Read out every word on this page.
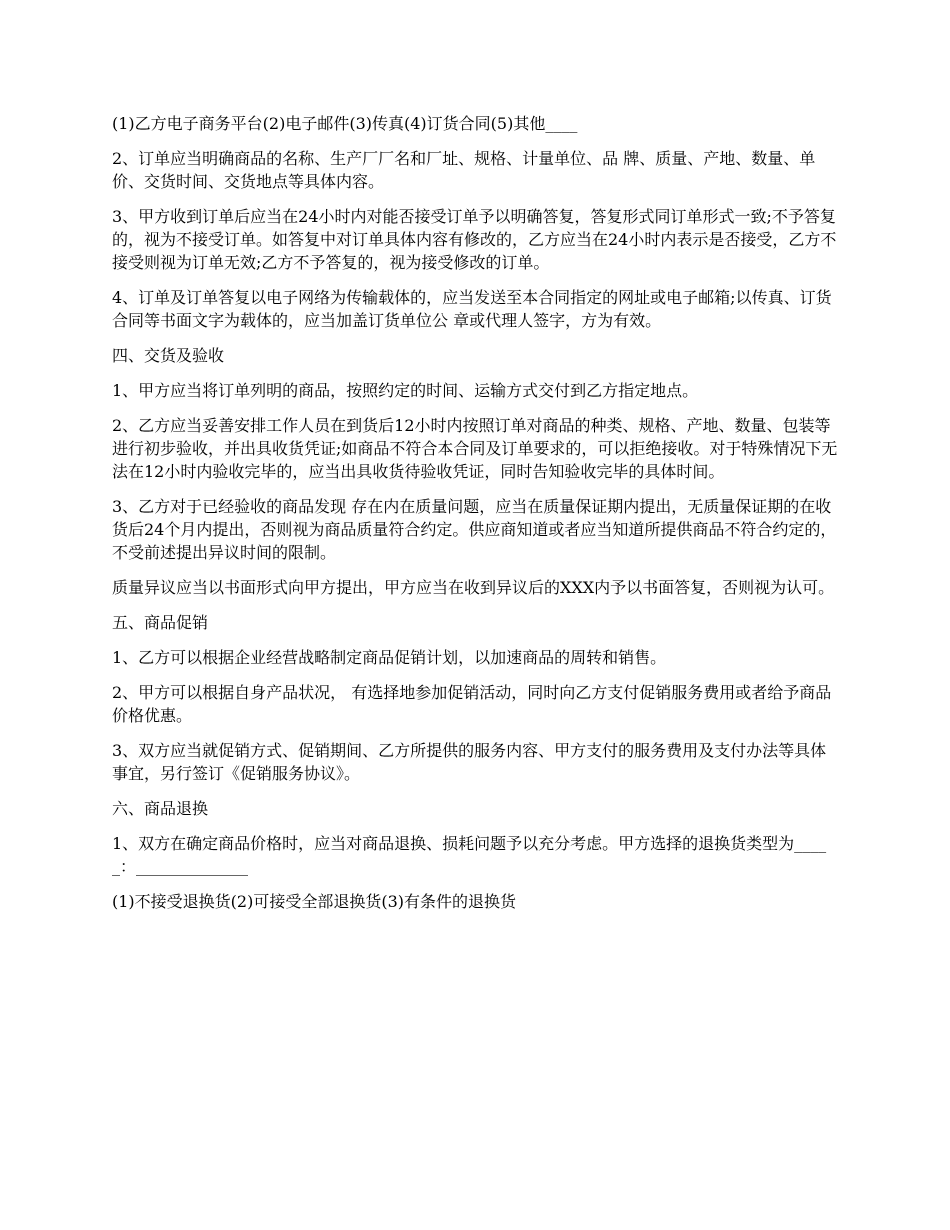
(1)乙方电子商务平台(2)电子邮件(3)传真(4)订货合同(5)其他____

2、订单应当明确商品的名称、生产厂厂名和厂址、规格、计量单位、品 牌、质量、产地、数量、单价、交货时间、交货地点等具体内容。

3、甲方收到订单后应当在24小时内对能否接受订单予以明确答复，答复形式同订单形式一致;不予答复的，视为不接受订单。如答复中对订单具体内容有修改的，乙方应当在24小时内表示是否接受，乙方不接受则视为订单无效;乙方不予答复的，视为接受修改的订单。

4、订单及订单答复以电子网络为传输载体的，应当发送至本合同指定的网址或电子邮箱;以传真、订货合同等书面文字为载体的，应当加盖订货单位公 章或代理人签字，方为有效。

四、交货及验收

1、甲方应当将订单列明的商品，按照约定的时间、运输方式交付到乙方指定地点。

2、乙方应当妥善安排工作人员在到货后12小时内按照订单对商品的种类、规格、产地、数量、包装等进行初步验收，并出具收货凭证;如商品不符合本合同及订单要求的，可以拒绝接收。对于特殊情况下无法在12小时内验收完毕的，应当出具收货待验收凭证，同时告知验收完毕的具体时间。

3、乙方对于已经验收的商品发现 存在内在质量问题，应当在质量保证期内提出，无质量保证期的在收货后24个月内提出，否则视为商品质量符合约定。供应商知道或者应当知道所提供商品不符合约定的，不受前述提出异议时间的限制。

质量异议应当以书面形式向甲方提出，甲方应当在收到异议后的XXX内予以书面答复，否则视为认可。

五、商品促销

1、乙方可以根据企业经营战略制定商品促销计划，以加速商品的周转和销售。

2、甲方可以根据自身产品状况， 有选择地参加促销活动，同时向乙方支付促销服务费用或者给予商品价格优惠。

3、双方应当就促销方式、促销期间、乙方所提供的服务内容、甲方支付的服务费用及支付办法等具体事宜，另行签订《促销服务协议》。

六、商品退换

1、双方在确定商品价格时，应当对商品退换、损耗问题予以充分考虑。甲方选择的退换货类型为_____：______________

(1)不接受退换货(2)可接受全部退换货(3)有条件的退换货
